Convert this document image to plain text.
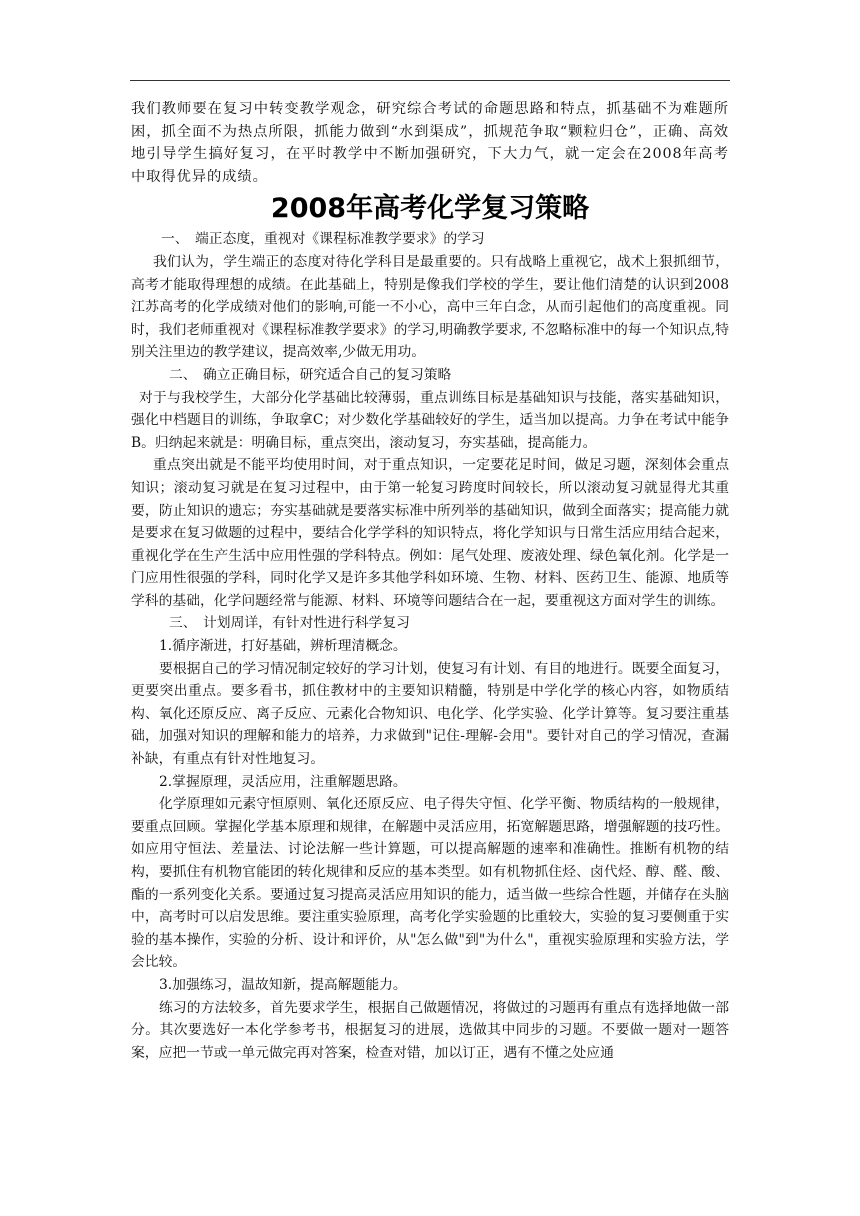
我们教师要在复习中转变教学观念，研究综合考试的命题思路和特点，抓基础不为难题所困，抓全面不为热点所限，抓能力做到“水到渠成”，抓规范争取“颗粒归仓”，正确、高效地引导学生搞好复习，在平时教学中不断加强研究，下大力气，就一定会在2008年高考中取得优异的成绩。

2008年高考化学复习策略

一、 端正态度，重视对《课程标准教学要求》的学习

我们认为，学生端正的态度对待化学科目是最重要的。只有战略上重视它，战术上狠抓细节，高考才能取得理想的成绩。在此基础上，特别是像我们学校的学生，要让他们清楚的认识到2008江苏高考的化学成绩对他们的影响,可能一不小心，高中三年白念，从而引起他们的高度重视。同时，我们老师重视对《课程标准教学要求》的学习,明确教学要求, 不忽略标准中的每一个知识点,特别关注里边的教学建议，提高效率,少做无用功。

二、 确立正确目标，研究适合自己的复习策略

对于与我校学生，大部分化学基础比较薄弱，重点训练目标是基础知识与技能，落实基础知识，强化中档题目的训练，争取拿C；对少数化学基础较好的学生，适当加以提高。力争在考试中能争B。归纳起来就是：明确目标，重点突出，滚动复习，夯实基础，提高能力。

重点突出就是不能平均使用时间，对于重点知识，一定要花足时间，做足习题，深刻体会重点知识；滚动复习就是在复习过程中，由于第一轮复习跨度时间较长，所以滚动复习就显得尤其重要，防止知识的遗忘；夯实基础就是要落实标准中所列举的基础知识，做到全面落实；提高能力就是要求在复习做题的过程中，要结合化学学科的知识特点，将化学知识与日常生活应用结合起来，重视化学在生产生活中应用性强的学科特点。例如：尾气处理、废液处理、绿色氧化剂。化学是一门应用性很强的学科，同时化学又是许多其他学科如环境、生物、材料、医药卫生、能源、地质等学科的基础，化学问题经常与能源、材料、环境等问题结合在一起，要重视这方面对学生的训练。

三、 计划周详，有针对性进行科学复习

1.循序渐进，打好基础，辨析理清概念。

要根据自己的学习情况制定较好的学习计划，使复习有计划、有目的地进行。既要全面复习，更要突出重点。要多看书，抓住教材中的主要知识精髓，特别是中学化学的核心内容，如物质结构、氧化还原反应、离子反应、元素化合物知识、电化学、化学实验、化学计算等。复习要注重基础，加强对知识的理解和能力的培养，力求做到"记住-理解-会用"。要针对自己的学习情况，查漏补缺，有重点有针对性地复习。

2.掌握原理，灵活应用，注重解题思路。

化学原理如元素守恒原则、氧化还原反应、电子得失守恒、化学平衡、物质结构的一般规律，要重点回顾。掌握化学基本原理和规律，在解题中灵活应用，拓宽解题思路，增强解题的技巧性。如应用守恒法、差量法、讨论法解一些计算题，可以提高解题的速率和准确性。推断有机物的结构，要抓住有机物官能团的转化规律和反应的基本类型。如有机物抓住烃、卤代烃、醇、醛、酸、酯的一系列变化关系。要通过复习提高灵活应用知识的能力，适当做一些综合性题，并储存在头脑中，高考时可以启发思维。要注重实验原理，高考化学实验题的比重较大，实验的复习要侧重于实验的基本操作，实验的分析、设计和评价，从"怎么做"到"为什么"，重视实验原理和实验方法，学会比较。

3.加强练习，温故知新，提高解题能力。

练习的方法较多，首先要求学生，根据自己做题情况，将做过的习题再有重点有选择地做一部分。其次要选好一本化学参考书，根据复习的进展，选做其中同步的习题。不要做一题对一题答案，应把一节或一单元做完再对答案，检查对错，加以订正，遇有不懂之处应通
